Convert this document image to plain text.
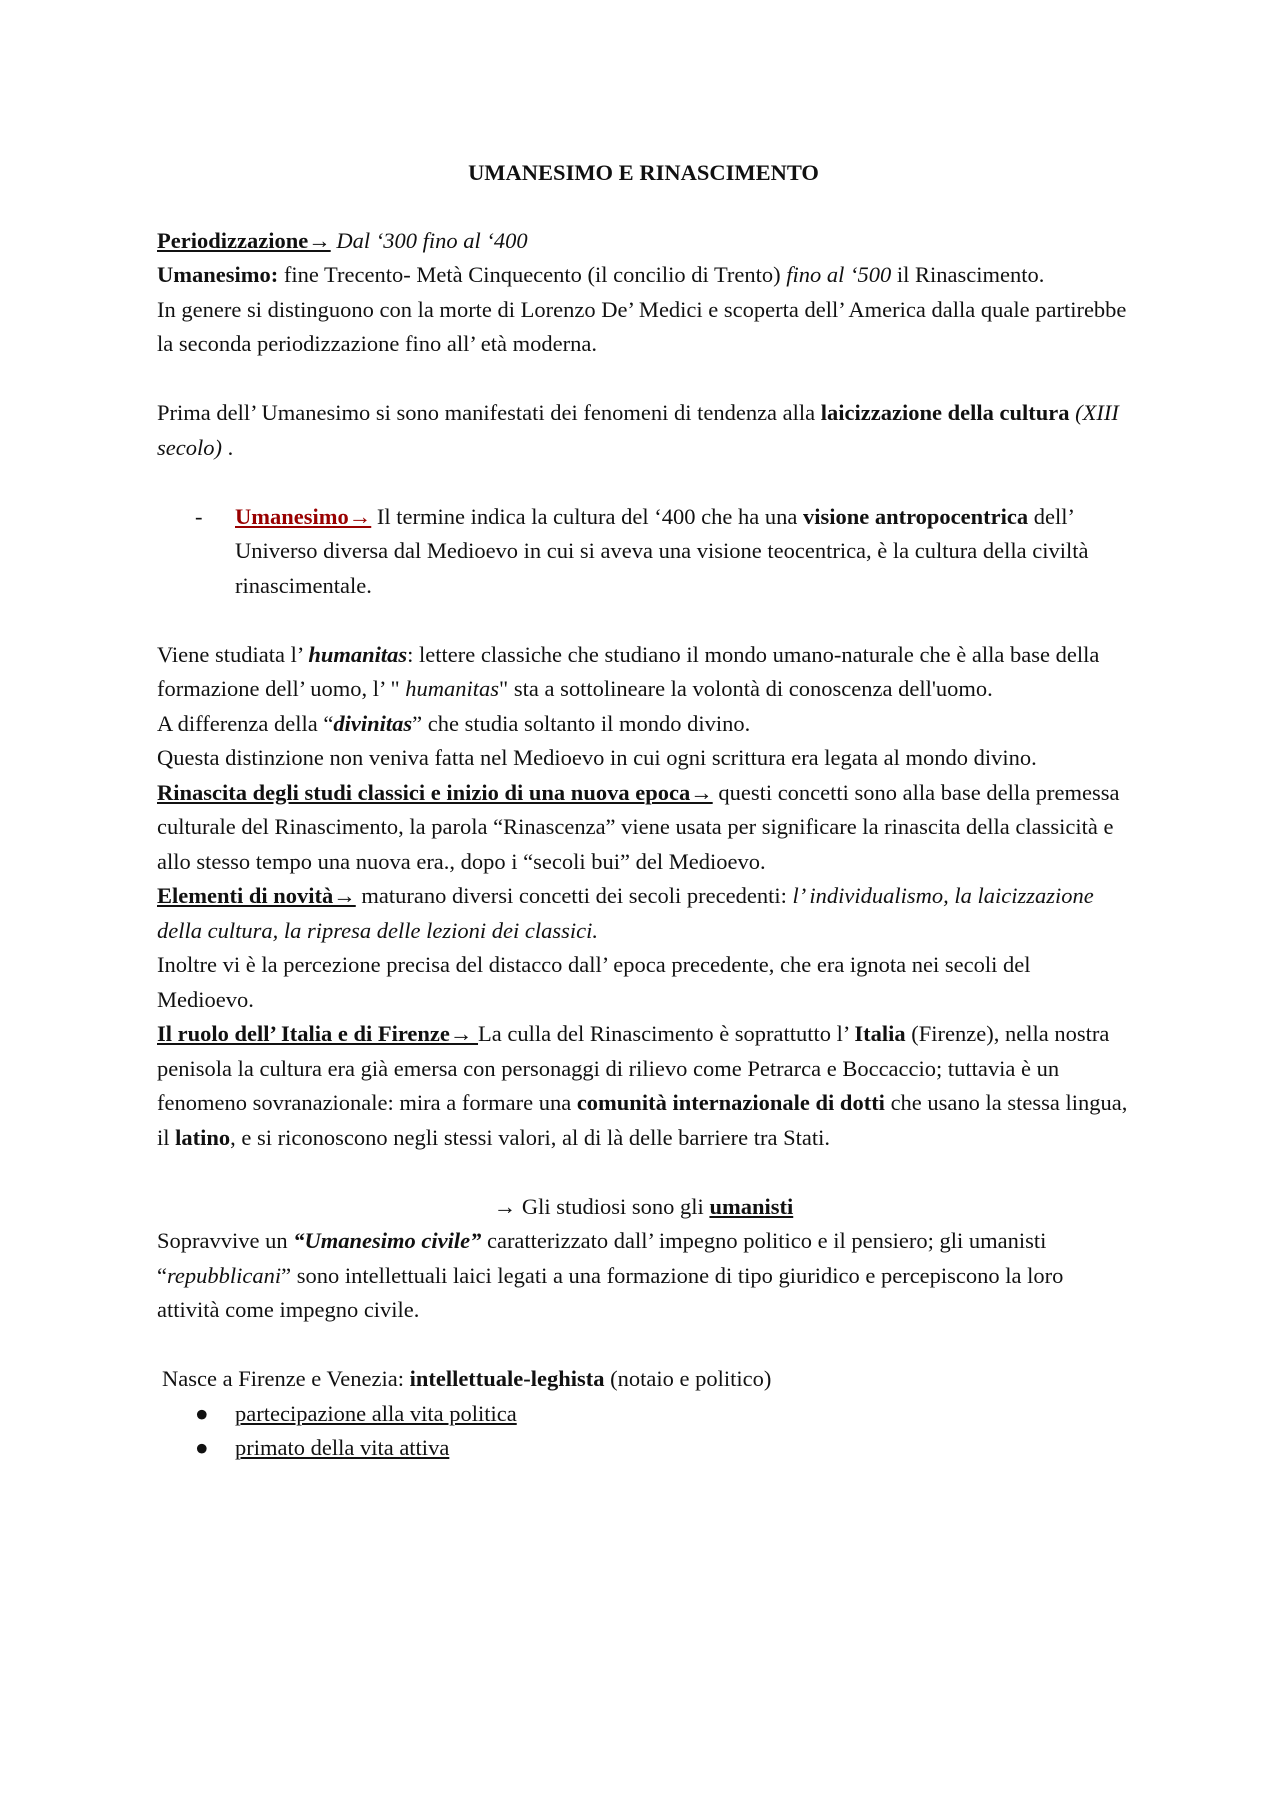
UMANESIMO E RINASCIMENTO

Periodizzazione→ Dal ‘300 fino al ‘400

Umanesimo: fine Trecento- Metà Cinquecento (il concilio di Trento) fino al ‘500 il Rinascimento.

In genere si distinguono con la morte di Lorenzo De’ Medici e scoperta dell’ America dalla quale partirebbe la seconda periodizzazione fino all’ età moderna.

Prima dell’ Umanesimo si sono manifestati dei fenomeni di tendenza alla laicizzazione della cultura (XIII secolo) .

- Umanesimo→ Il termine indica la cultura del ‘400 che ha una visione antropocentrica dell’ Universo diversa dal Medioevo in cui si aveva una visione teocentrica, è la cultura della civiltà rinascimentale.

Viene studiata l’ humanitas: lettere classiche che studiano il mondo umano-naturale che è alla base della formazione dell’ uomo, l’ " humanitas" sta a sottolineare la volontà di conoscenza dell'uomo.

A differenza della “divinitas” che studia soltanto il mondo divino.

Questa distinzione non veniva fatta nel Medioevo in cui ogni scrittura era legata al mondo divino.

Rinascita degli studi classici e inizio di una nuova epoca→ questi concetti sono alla base della premessa culturale del Rinascimento, la parola “Rinascenza” viene usata per significare la rinascita della classicità e allo stesso tempo una nuova era., dopo i “secoli bui” del Medioevo.

Elementi di novità→ maturano diversi concetti dei secoli precedenti: l’ individualismo, la laicizzazione della cultura, la ripresa delle lezioni dei classici.

Inoltre vi è la percezione precisa del distacco dall’ epoca precedente, che era ignota nei secoli del Medioevo.

Il ruolo dell’ Italia e di Firenze→ La culla del Rinascimento è soprattutto l’ Italia (Firenze), nella nostra penisola la cultura era già emersa con personaggi di rilievo come Petrarca e Boccaccio; tuttavia è un fenomeno sovranazionale: mira a formare una comunità internazionale di dotti che usano la stessa lingua, il latino, e si riconoscono negli stessi valori, al di là delle barriere tra Stati.

→ Gli studiosi sono gli umanisti

Sopravvive un “Umanesimo civile” caratterizzato dall’ impegno politico e il pensiero; gli umanisti “repubblicani” sono intellettuali laici legati a una formazione di tipo giuridico e percepiscono la loro attività come impegno civile.

Nasce a Firenze e Venezia: intellettuale-leghista (notaio e politico)

● partecipazione alla vita politica
● primato della vita attiva
